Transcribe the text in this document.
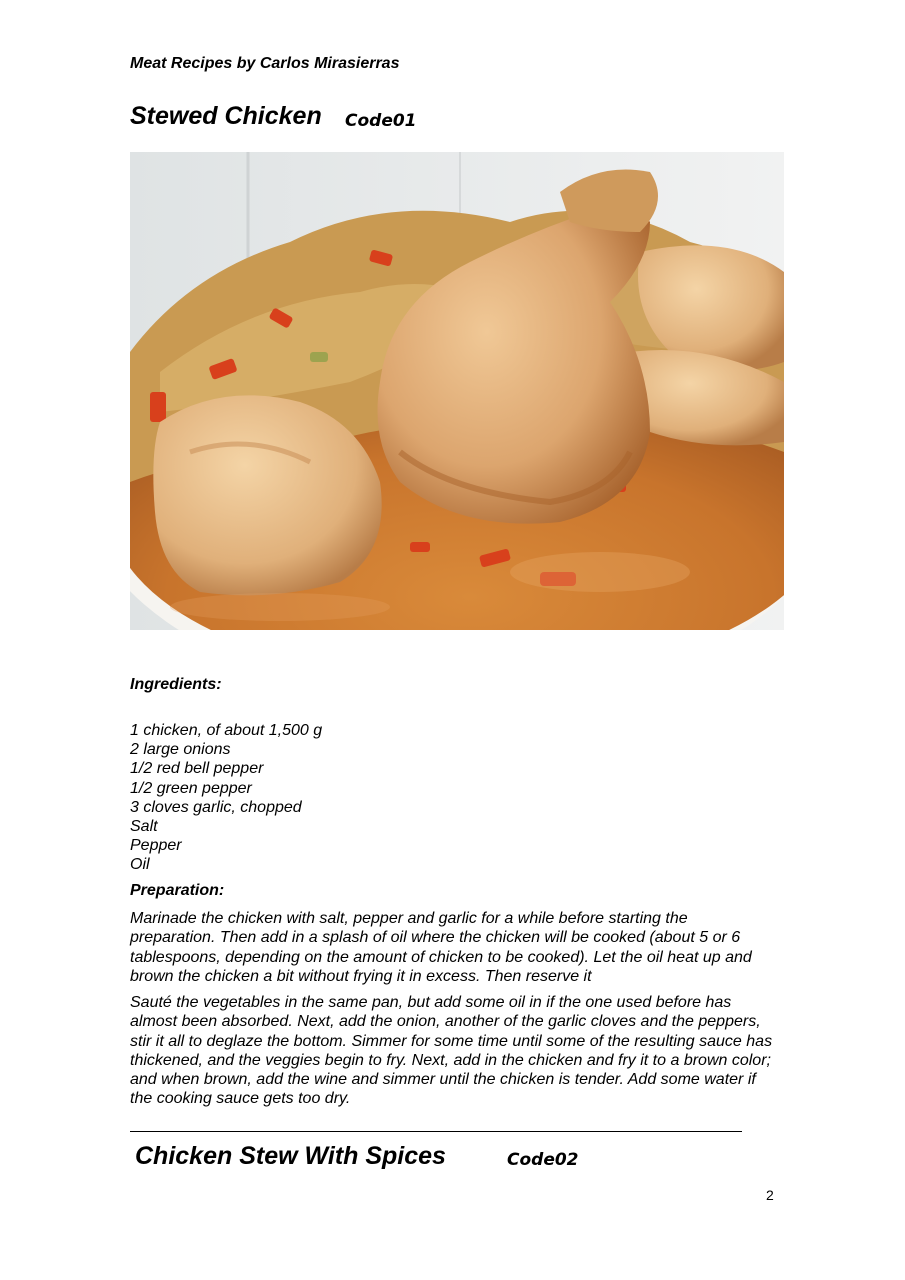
Meat Recipes by Carlos Mirasierras
Stewed Chicken Code01
Ingredients:
1 chicken, of about 1,500 g
2 large onions
1/2 red bell pepper
1/2 green pepper
3 cloves garlic, chopped
Salt
Pepper
Oil
Preparation:

Marinade the chicken with salt, pepper and garlic for a while before starting the preparation. Then add in a splash of oil where the chicken will be cooked (about 5 or 6 tablespoons, depending on the amount of chicken to be cooked). Let the oil heat up and brown the chicken a bit without frying it in excess. Then reserve it

Sauté the vegetables in the same pan, but add some oil in if the one used before has almost been absorbed. Next, add the onion, another of the garlic cloves and the peppers, stir it all to deglaze the bottom. Simmer for some time until some of the resulting sauce has thickened, and the veggies begin to fry. Next, add in the chicken and fry it to a brown color; and when brown, add the wine and simmer until the chicken is tender. Add some water if the cooking sauce gets too dry.

Chicken Stew With Spices	Code02
2
